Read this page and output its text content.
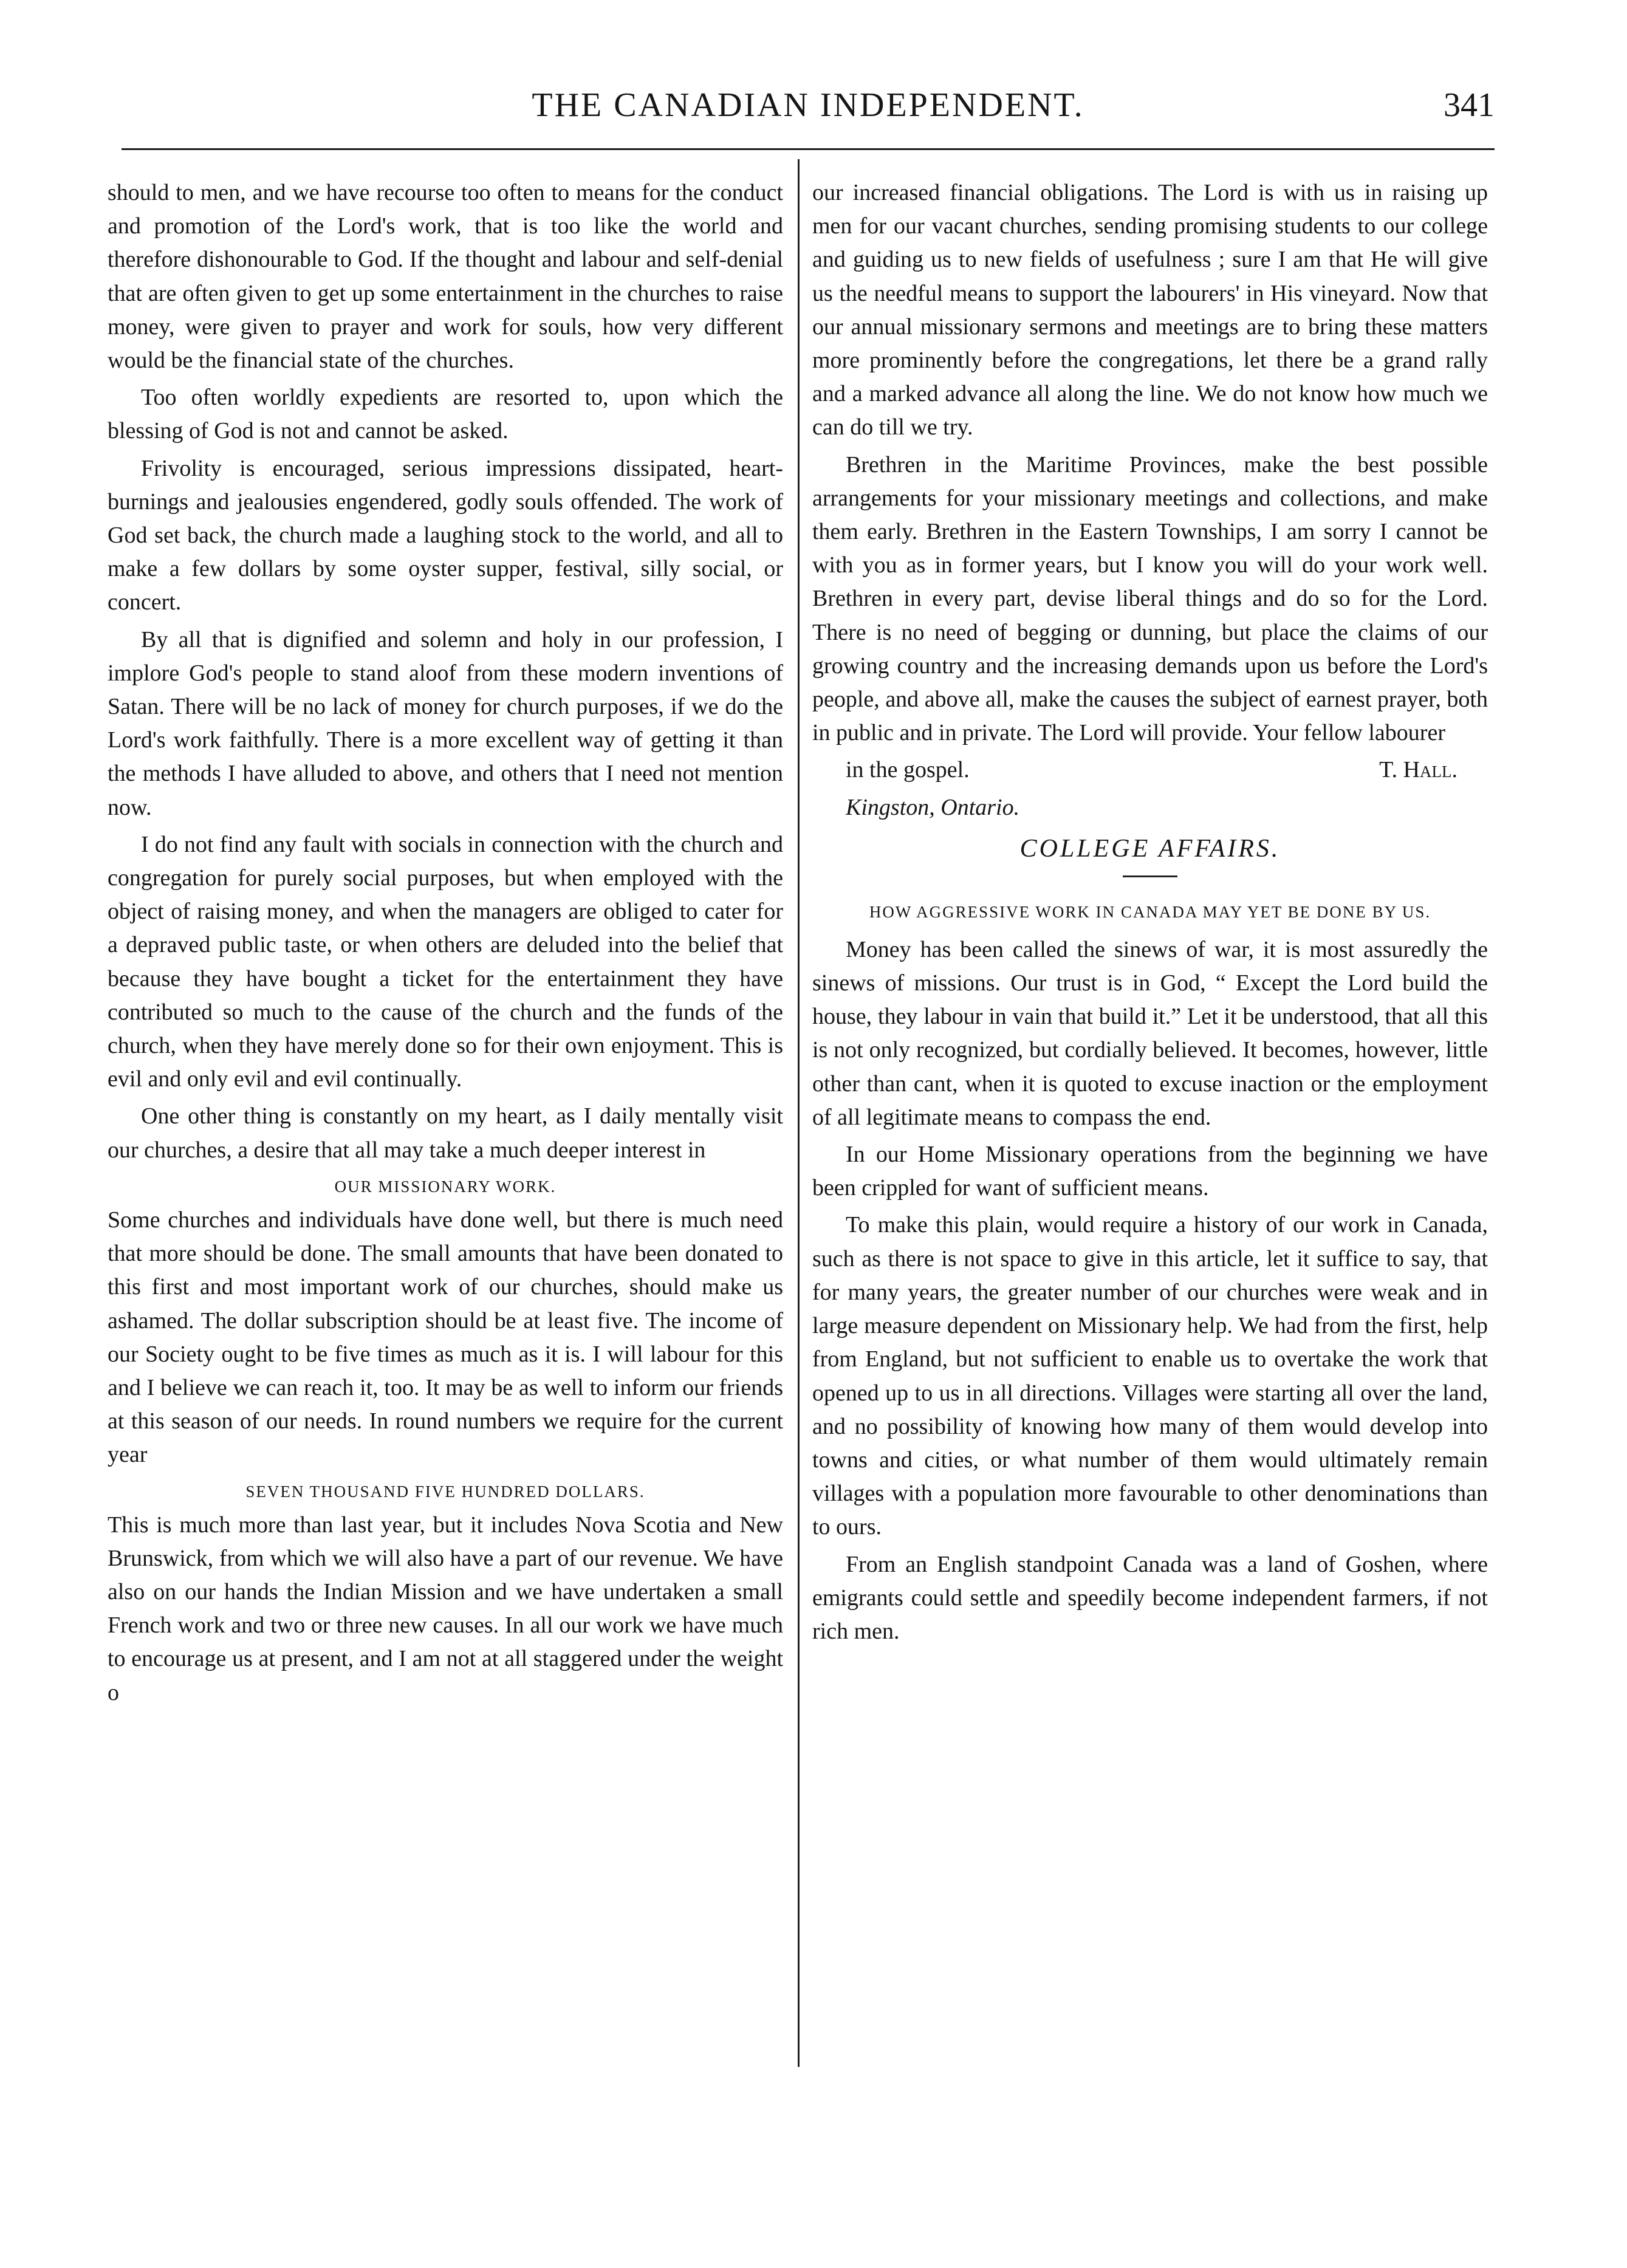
THE CANADIAN INDEPENDENT.	341

should to men, and we have recourse too often to means for the conduct and promotion of the Lord's work, that is too like the world and therefore dishonourable to God. If the thought and labour and self-denial that are often given to get up some entertainment in the churches to raise money, were given to prayer and work for souls, how very different would be the financial state of the churches.

Too often worldly expedients are resorted to, upon which the blessing of God is not and cannot be asked.

Frivolity is encouraged, serious impressions dissipated, heart-burnings and jealousies engendered, godly souls offended. The work of God set back, the church made a laughing stock to the world, and all to make a few dollars by some oyster supper, festival, silly social, or concert.

By all that is dignified and solemn and holy in our profession, I implore God's people to stand aloof from these modern inventions of Satan. There will be no lack of money for church purposes, if we do the Lord's work faithfully. There is a more excellent way of getting it than the methods I have alluded to above, and others that I need not mention now.

I do not find any fault with socials in connection with the church and congregation for purely social purposes, but when employed with the object of raising money, and when the managers are obliged to cater for a depraved public taste, or when others are deluded into the belief that because they have bought a ticket for the entertainment they have contributed so much to the cause of the church and the funds of the church, when they have merely done so for their own enjoyment. This is evil and only evil and evil continually.

One other thing is constantly on my heart, as I daily mentally visit our churches, a desire that all may take a much deeper interest in

OUR MISSIONARY WORK.

Some churches and individuals have done well, but there is much need that more should be done. The small amounts that have been donated to this first and most important work of our churches, should make us ashamed. The dollar subscription should be at least five. The income of our Society ought to be five times as much as it is. I will labour for this and I believe we can reach it, too. It may be as well to inform our friends at this season of our needs. In round numbers we require for the current year

SEVEN THOUSAND FIVE HUNDRED DOLLARS.

This is much more than last year, but it includes Nova Scotia and New Brunswick, from which we will also have a part of our revenue. We have also on our hands the Indian Mission and we have undertaken a small French work and two or three new causes. In all our work we have much to encourage us at present, and I am not at all staggered under the weight o

our increased financial obligations. The Lord is with us in raising up men for our vacant churches, sending promising students to our college and guiding us to new fields of usefulness ; sure I am that He will give us the needful means to support the labourers' in His vineyard. Now that our annual missionary sermons and meetings are to bring these matters more prominently before the congregations, let there be a grand rally and a marked advance all along the line. We do not know how much we can do till we try.

Brethren in the Maritime Provinces, make the best possible arrangements for your missionary meetings and collections, and make them early. Brethren in the Eastern Townships, I am sorry I cannot be with you as in former years, but I know you will do your work well. Brethren in every part, devise liberal things and do so for the Lord. There is no need of begging or dunning, but place the claims of our growing country and the increasing demands upon us before the Lord's people, and above all, make the causes the subject of earnest prayer, both in public and in private. The Lord will provide. Your fellow labourer

in the gospel.	T. Hall.

Kingston, Ontario.

COLLEGE AFFAIRS.
HOW AGGRESSIVE WORK IN CANADA MAY YET BE DONE BY US.

Money has been called the sinews of war, it is most assuredly the sinews of missions. Our trust is in God, “ Except the Lord build the house, they labour in vain that build it.” Let it be understood, that all this is not only recognized, but cordially believed. It becomes, however, little other than cant, when it is quoted to excuse inaction or the employment of all legitimate means to compass the end.

In our Home Missionary operations from the beginning we have been crippled for want of sufficient means.

To make this plain, would require a history of our work in Canada, such as there is not space to give in this article, let it suffice to say, that for many years, the greater number of our churches were weak and in large measure dependent on Missionary help. We had from the first, help from England, but not sufficient to enable us to overtake the work that opened up to us in all directions. Villages were starting all over the land, and no possibility of knowing how many of them would develop into towns and cities, or what number of them would ultimately remain villages with a population more favourable to other denominations than to ours.

From an English standpoint Canada was a land of Goshen, where emigrants could settle and speedily become independent farmers, if not rich men.
